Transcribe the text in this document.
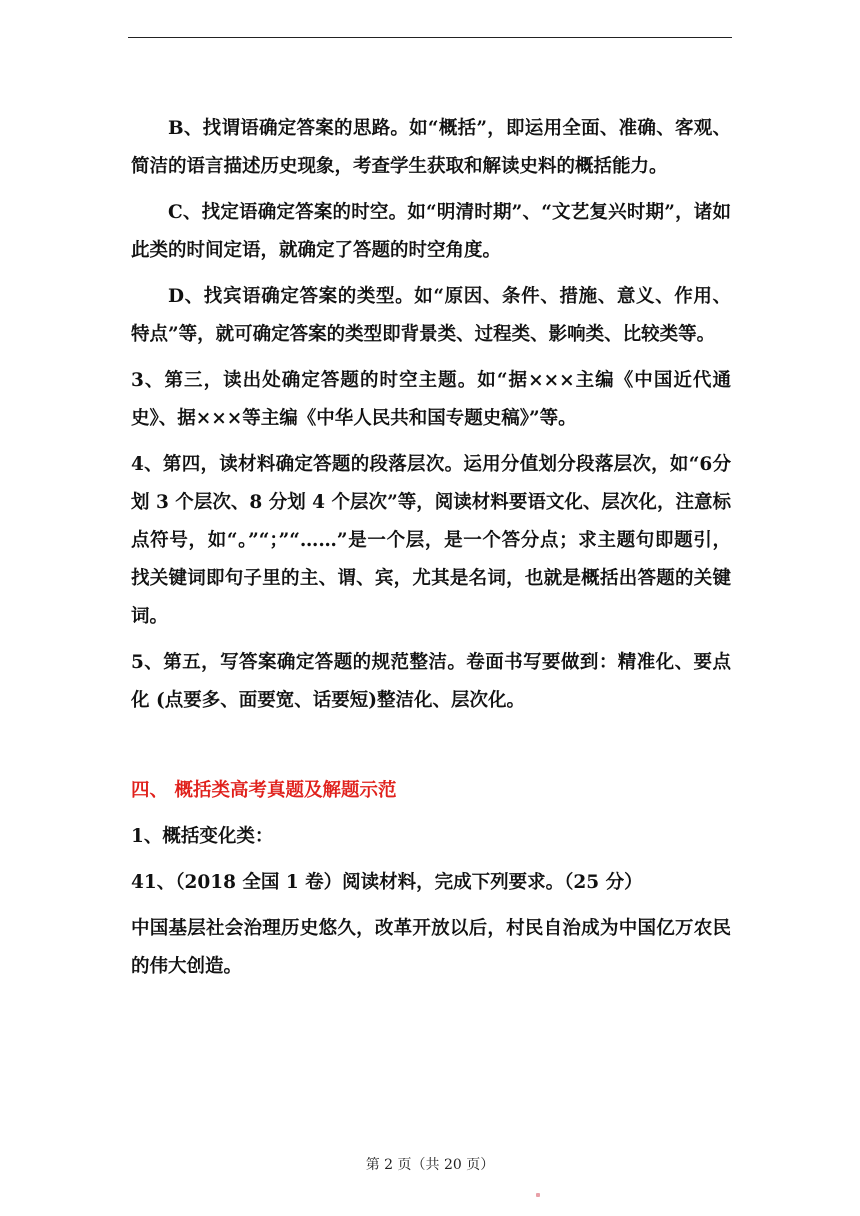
B、找谓语确定答案的思路。如“概括”，即运用全面、准确、客观、简洁的语言描述历史现象，考查学生获取和解读史料的概括能力。

C、找定语确定答案的时空。如“明清时期”、“文艺复兴时期”，诸如此类的时间定语，就确定了答题的时空角度。

D、找宾语确定答案的类型。如“原因、条件、措施、意义、作用、特点”等，就可确定答案的类型即背景类、过程类、影响类、比较类等。

3、第三，读出处确定答题的时空主题。如“据×××主编《中国近代通史》、据×××等主编《中华人民共和国专题史稿》”等。

4、第四，读材料确定答题的段落层次。运用分值划分段落层次，如“6分划 3 个层次、8 分划 4 个层次”等，阅读材料要语文化、层次化，注意标点符号，如“。”“；”“……”是一个层，是一个答分点；求主题句即题引，找关键词即句子里的主、谓、宾，尤其是名词，也就是概括出答题的关键词。

5、第五，写答案确定答题的规范整洁。卷面书写要做到：精准化、要点化 (点要多、面要宽、话要短)整洁化、层次化。

四、 概括类高考真题及解题示范

1、概括变化类：

41、（2018 全国 1 卷）阅读材料，完成下列要求。（25 分）

中国基层社会治理历史悠久，改革开放以后，村民自治成为中国亿万农民的伟大创造。

第 2 页（共 20 页）
